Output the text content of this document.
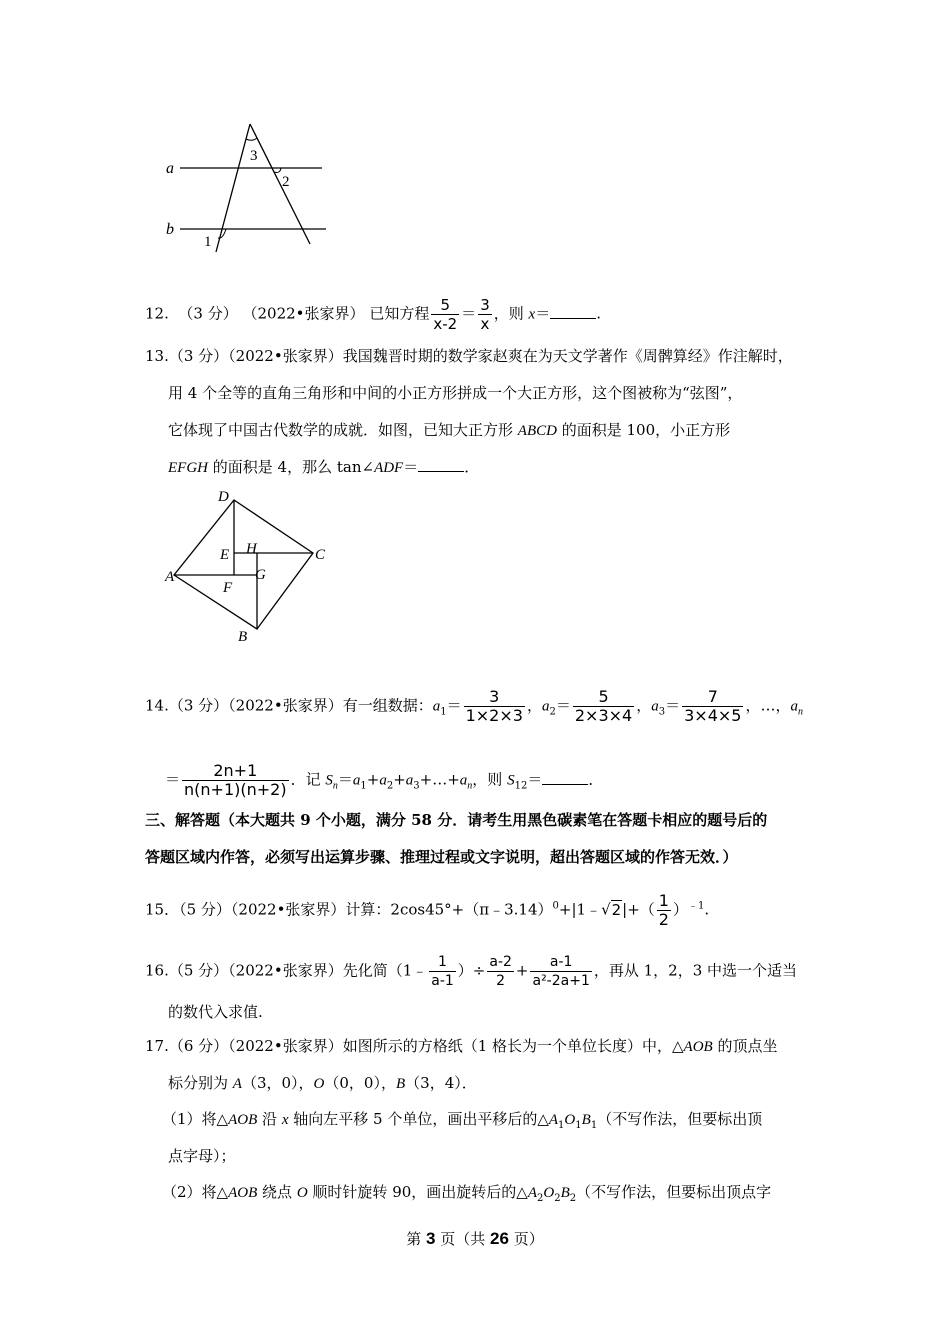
a
b
3
2
1
12. （3 分） （2022•张家界） 已知方程 $\frac{5}{x-2} = \frac{3}{x}$ ，则 x＝	.
13.（3 分）（2022•张家界）我国魏晋时期的数学家赵爽在为天文学著作《周髀算经》作注解时，
用 4 个全等的直角三角形和中间的小正方形拼成一个大正方形，这个图被称为“弦图”，
它体现了中国古代数学的成就．如图，已知大正方形 ABCD 的面积是 100，小正方形
EFGH 的面积是 4，那么 tan∠ADF＝	．
D
E H	C
A	G
F
B
14.（3 分）（2022•张家界）有一组数据：$a_1= \frac{3}{1\times 2\times 3}$ ，$a_2= \frac{5}{2\times 3\times 4}$ ，$a_3= \frac{7}{3\times 4\times 5}$ ，…，$a_n$
＝ $\frac{2n+1}{n(n+1)(n+2)}$ ．记 $S_n=a_1+a_2+a_3+\dots+a_n$，则 $S_{12}=$	．
三、解答题（本大题共 9 个小题，满分 58 分．请考生用黑色碳素笔在答题卡相应的题号后的
答题区域内作答，必须写出运算步骤、推理过程或文字说明，超出答题区域的作答无效．）
15．（5 分）（2022•张家界）计算：2cos45°+（π﹣3.14）$^0$+|1﹣√2|+（ $\frac{1}{2} )^{﹣1}$.
16.（5 分）（2022•张家界）先化简（1﹣ $\frac{1}{a-1}$ ）÷ $\frac{a-2}{2} + \frac{a-1}{\text{a²-2a+1}}$ ，再从 1，2，3 中选一个适当
的数代入求值.
17.（6 分）（2022•张家界）如图所示的方格纸（1 格长为一个单位长度）中，△AOB 的顶点坐
标分别为 A（3，0），O（0，0），B（3，4）．
（1）将△AOB 沿 x 轴向左平移 5 个单位，画出平移后的$\triangle A_1O_1B_1$（不写作法，但要标出顶
点字母）；
（2）将△AOB 绕点 O 顺时针旋转 90，画出旋转后的$\triangle A_2O_2B_2$（不写作法，但要标出顶点字
第 3 页（共 26 页）
